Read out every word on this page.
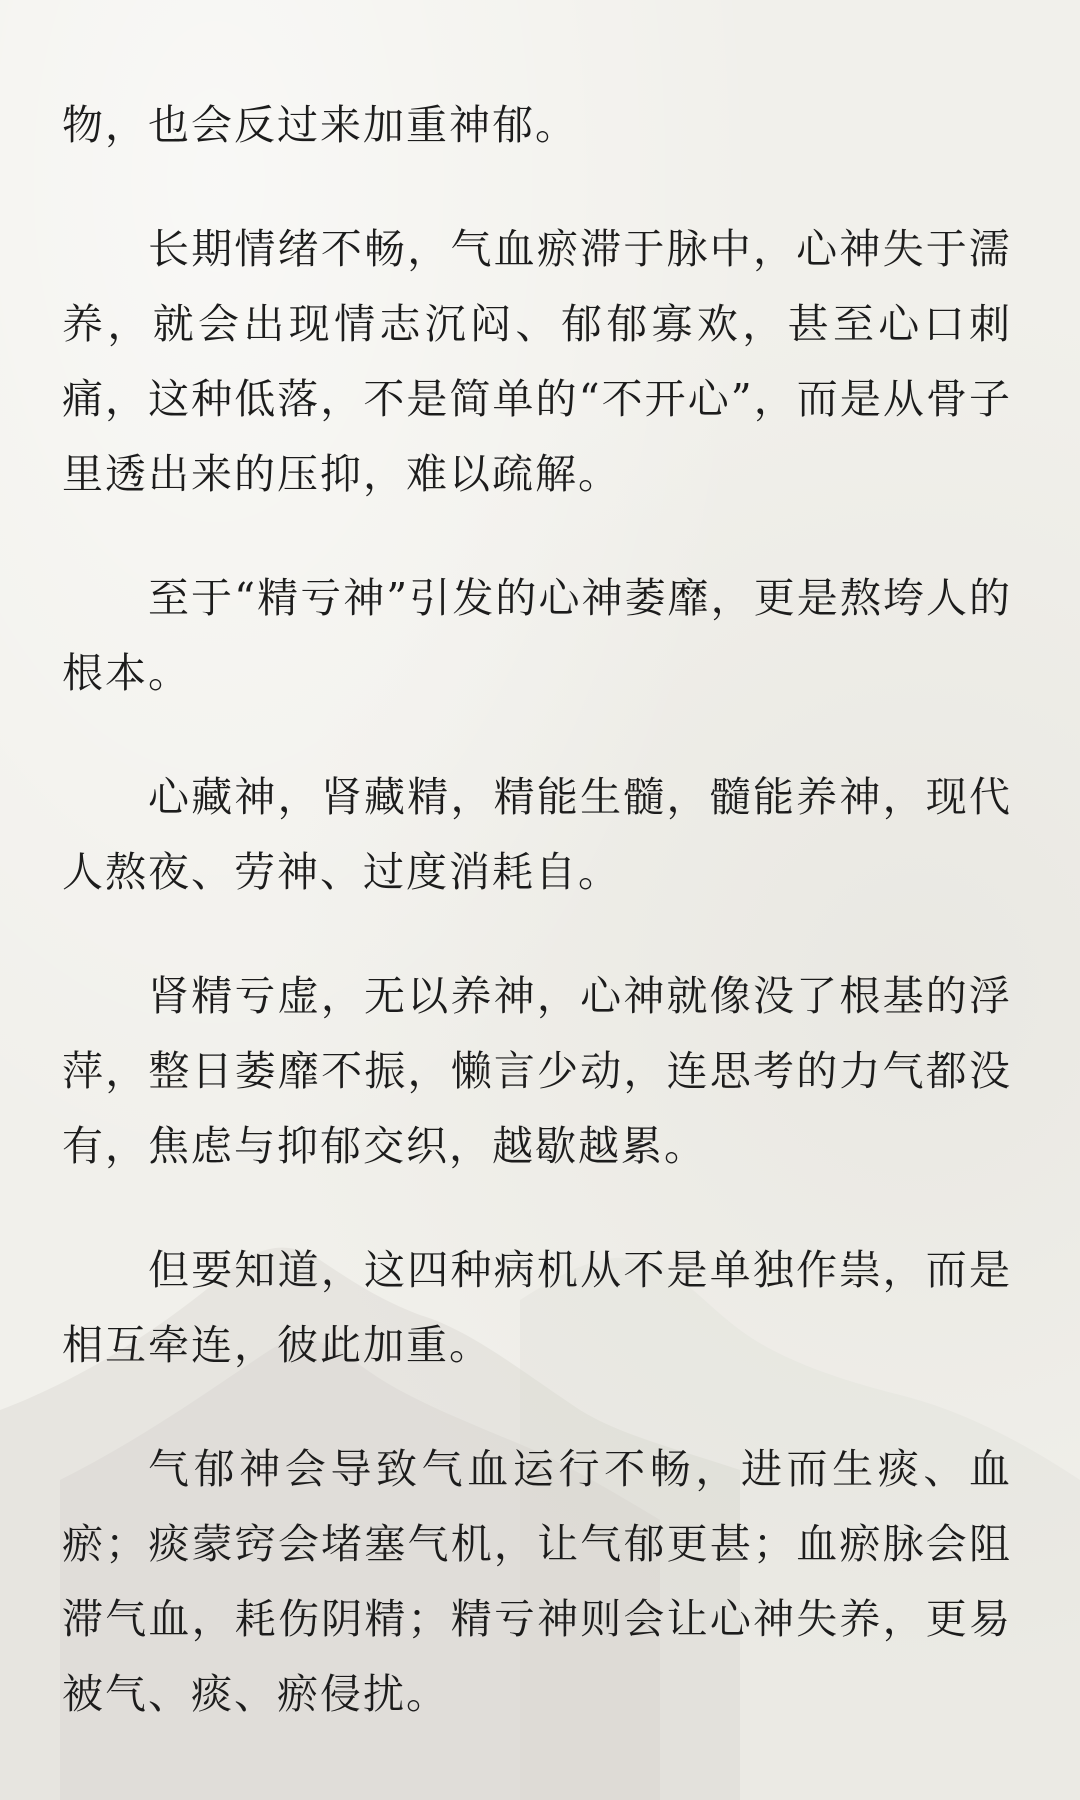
物，也会反过来加重神郁。

长期情绪不畅，气血瘀滞于脉中，心神失于濡养，就会出现情志沉闷、郁郁寡欢，甚至心口刺痛，这种低落，不是简单的“不开心”，而是从骨子里透出来的压抑，难以疏解。

至于“精亏神”引发的心神萎靡，更是熬垮人的根本。

心藏神，肾藏精，精能生髓，髓能养神，现代人熬夜、劳神、过度消耗自。

肾精亏虚，无以养神，心神就像没了根基的浮萍，整日萎靡不振，懒言少动，连思考的力气都没有，焦虑与抑郁交织，越歇越累。

但要知道，这四种病机从不是单独作祟，而是相互牵连，彼此加重。

气郁神会导致气血运行不畅，进而生痰、血瘀；痰蒙窍会堵塞气机，让气郁更甚；血瘀脉会阻滞气血，耗伤阴精；精亏神则会让心神失养，更易被气、痰、瘀侵扰。
